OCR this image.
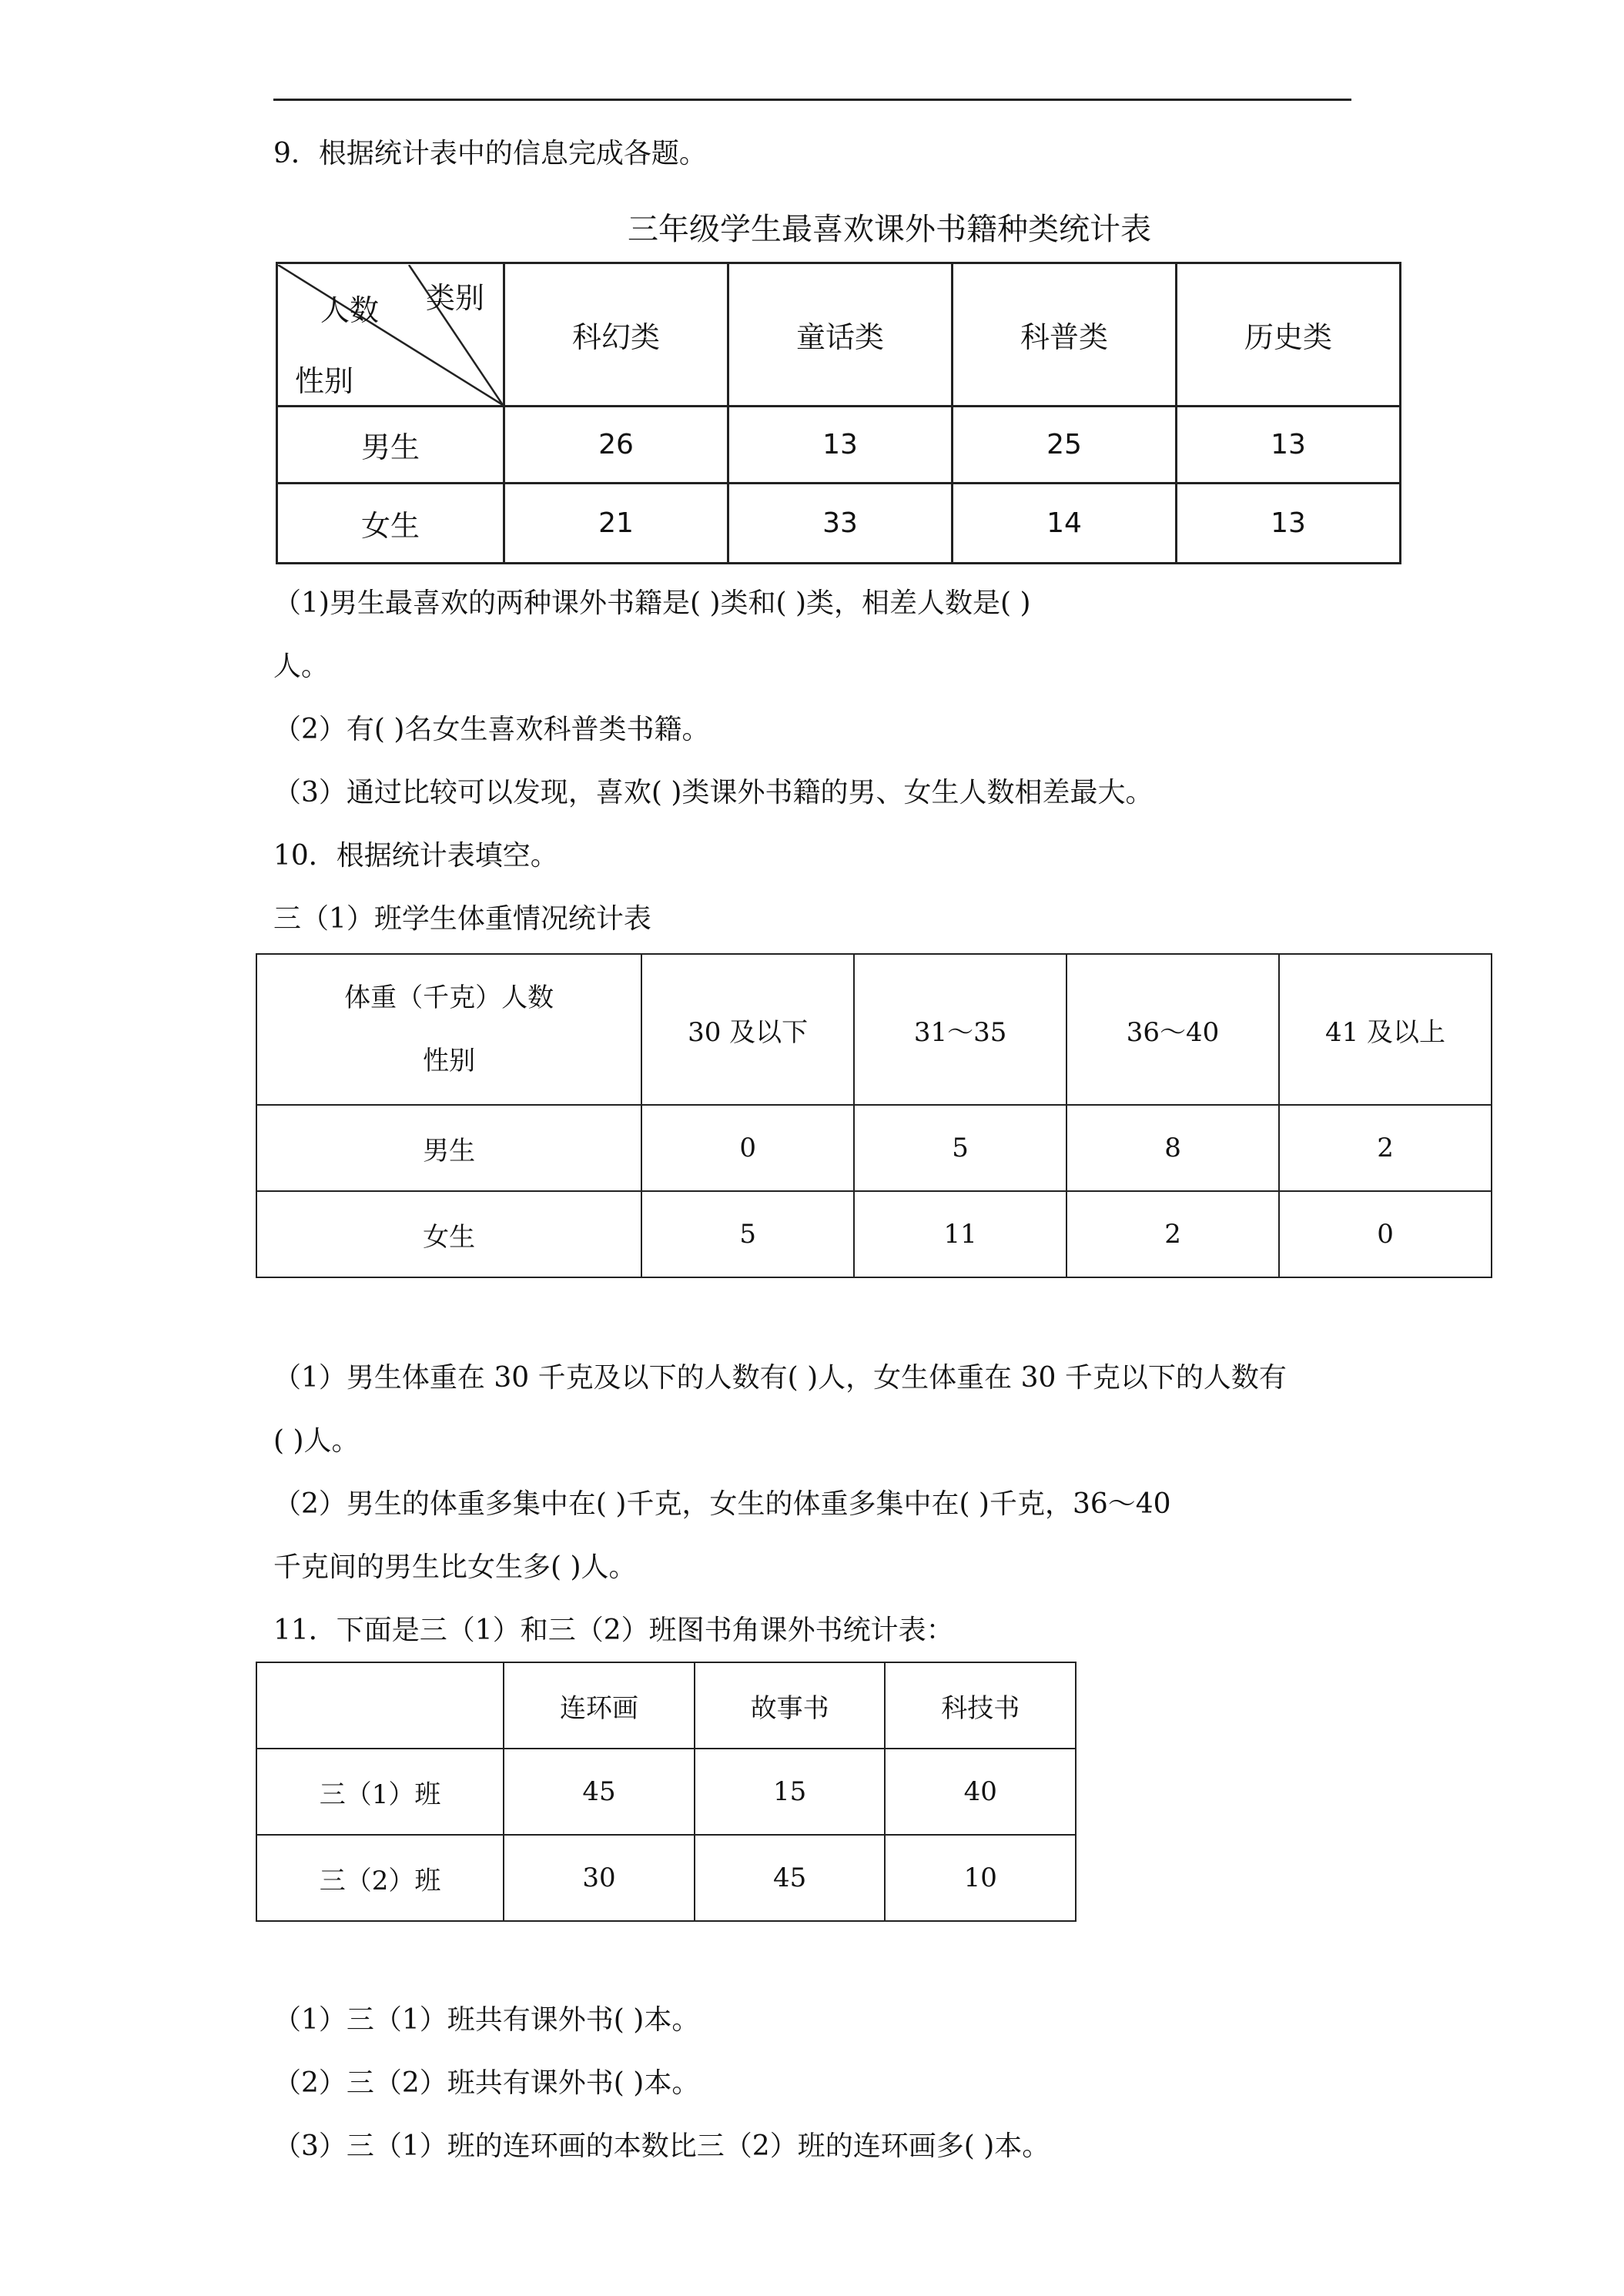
9．根据统计表中的信息完成各题。
三年级学生最喜欢课外书籍种类统计表
类别
人数
性别	科幻类	童话类	科普类	历史类
男生	26	13	25	13
女生	21	33	14	13
（1)男生最喜欢的两种课外书籍是( )类和( )类，相差人数是( )
人。
（2）有( )名女生喜欢科普类书籍。
（3）通过比较可以发现，喜欢( )类课外书籍的男、女生人数相差最大。
10．根据统计表填空。
三（1）班学生体重情况统计表
体重（千克）人数
性别	30 及以下	31～35	36～40	41 及以上
男生	0	5	8	2
女生	5	11	2	0
（1）男生体重在 30 千克及以下的人数有( )人，女生体重在 30 千克以下的人数有
( )人。
（2）男生的体重多集中在( )千克，女生的体重多集中在( )千克，36～40
千克间的男生比女生多( )人。
11．下面是三（1）和三（2）班图书角课外书统计表：
	连环画	故事书	科技书
三（1）班	45	15	40
三（2）班	30	45	10
（1）三（1）班共有课外书( )本。
（2）三（2）班共有课外书( )本。
（3）三（1）班的连环画的本数比三（2）班的连环画多( )本。
